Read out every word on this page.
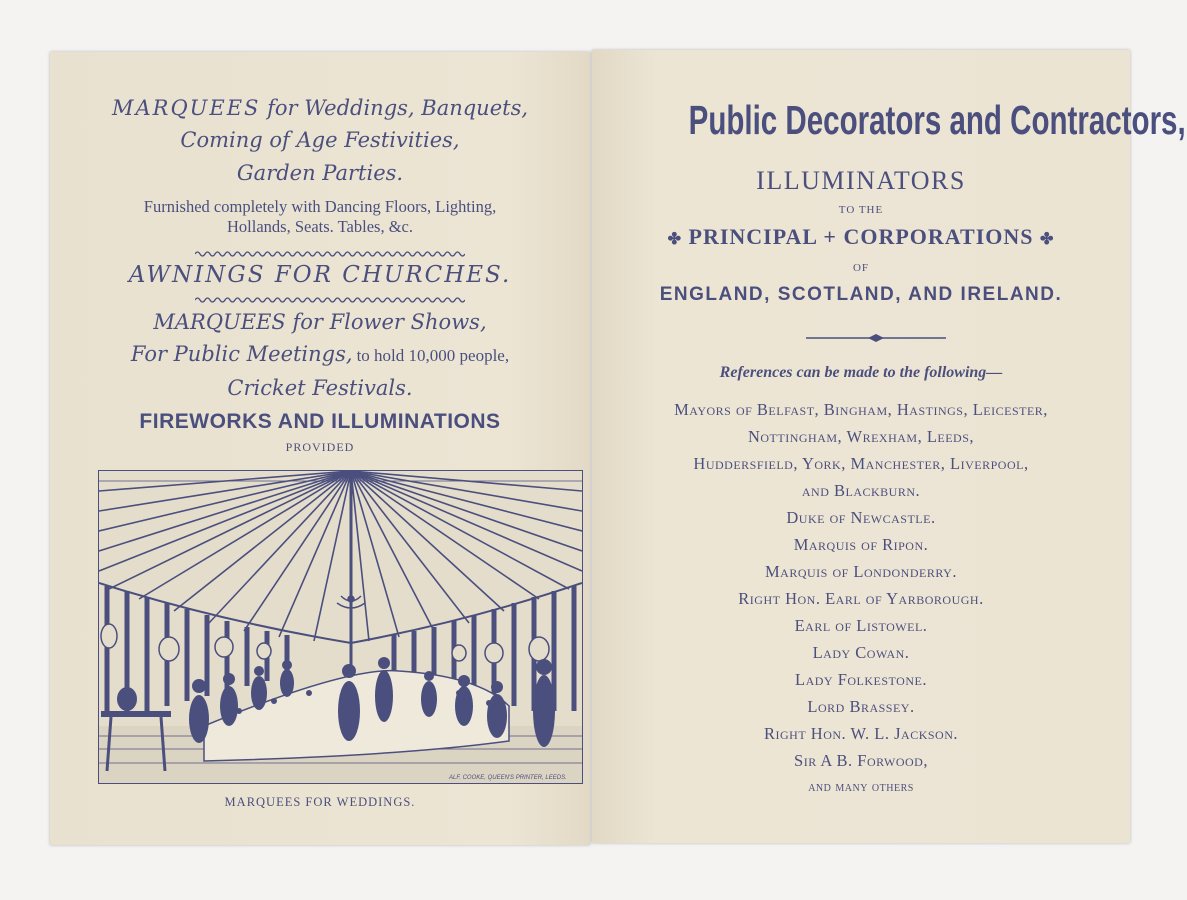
MARQUEES for Weddings, Banquets,
Coming of Age Festivities,
Garden Parties.
Furnished completely with Dancing Floors, Lighting,
Hollands, Seats. Tables, &c.
AWNINGS FOR CHURCHES.
MARQUEES for Flower Shows,
For Public Meetings, to hold 10,000 people,
Cricket Festivals.
FIREWORKS AND ILLUMINATIONS
PROVIDED
ALF. COOKE, QUEEN'S PRINTER, LEEDS.
MARQUEES FOR WEDDINGS.
Public Decorators and Contractors,
ILLUMINATORS
TO THE
✤ PRINCIPAL + CORPORATIONS ✤
OF
ENGLAND, SCOTLAND, AND IRELAND.
References can be made to the following—
Mayors of Belfast, Bingham, Hastings, Leicester,
Nottingham, Wrexham, Leeds,
Huddersfield, York, Manchester, Liverpool,
and Blackburn.
Duke of Newcastle.
Marquis of Ripon.
Marquis of Londonderry.
Right Hon. Earl of Yarborough.
Earl of Listowel.
Lady Cowan.
Lady Folkestone.
Lord Brassey.
Right Hon. W. L. Jackson.
Sir A B. Forwood,
and many others
